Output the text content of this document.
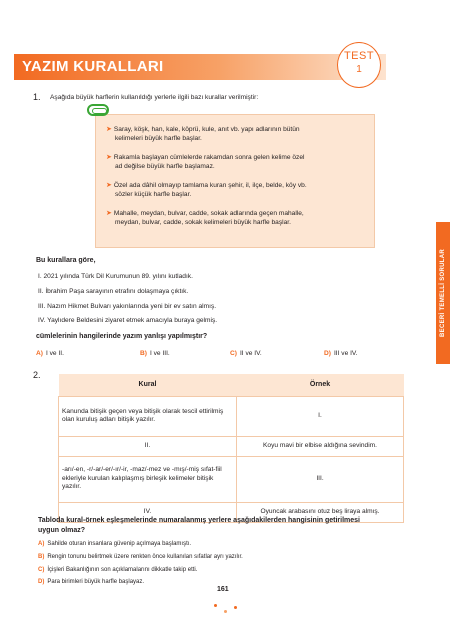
YAZIM KURALLARI
TEST
1
1. Aşağıda büyük harflerin kullanıldığı yerlerle ilgili bazı kurallar verilmiştir:
➤ Saray, köşk, han, kale, köprü, kule, anıt vb. yapı adlarının bütün
kelimeleri büyük harfle başlar.
➤ Rakamla başlayan cümlelerde rakamdan sonra gelen kelime özel
ad değilse büyük harfle başlamaz.
➤ Özel ada dâhil olmayıp tamlama kuran şehir, il, ilçe, belde, köy vb.
sözler küçük harfle başlar.
➤ Mahalle, meydan, bulvar, cadde, sokak adlarında geçen mahalle,
meydan, bulvar, cadde, sokak kelimeleri büyük harfle başlar.
Bu kurallara göre,
I. 2021 yılında Türk Dil Kurumunun 89. yılını kutladık.
II. İbrahim Paşa sarayının etrafını dolaşmaya çıktık.
III. Nazım Hikmet Bulvarı yakınlarında yeni bir ev satın almış.
IV. Yaylıdere Beldesini ziyaret etmek amacıyla buraya gelmiş.
cümlelerinin hangilerinde yazım yanlışı yapılmıştır?
A) I ve II.	B) I ve III.	C) II ve IV.	D) III ve IV.
BECERİ TEMELLİ SORULAR
2.
Kural	Örnek
Kanunda bitişik geçen veya bitişik olarak tescil ettirilmiş olan kuruluş adları bitişik yazılır.	I.
II.	Koyu mavi bir elbise aldığına sevindim.
-arı/-en, -r/-ar/-er/-ır/-ir, -maz/-mez ve -mış/-miş sıfat-fiil ekleriyle kurulan kalıplaşmış birleşik kelimeler bitişik yazılır.	III.
IV.	Oyuncak arabasını otuz beş liraya almış.
Tabloda kural-örnek eşleşmelerinde numaralanmış yerlere aşağıdakilerden hangisinin getirilmesi
uygun olmaz?
A) Sahilde oturan insanlara güvenip açılmaya başlamıştı.
B) Rengin tonunu belirtmek üzere renkten önce kullanılan sıfatlar ayrı yazılır.
C) İçişleri Bakanlığının son açıklamalarını dikkatle takip etti.
D) Para birimleri büyük harfle başlayaz.
161
